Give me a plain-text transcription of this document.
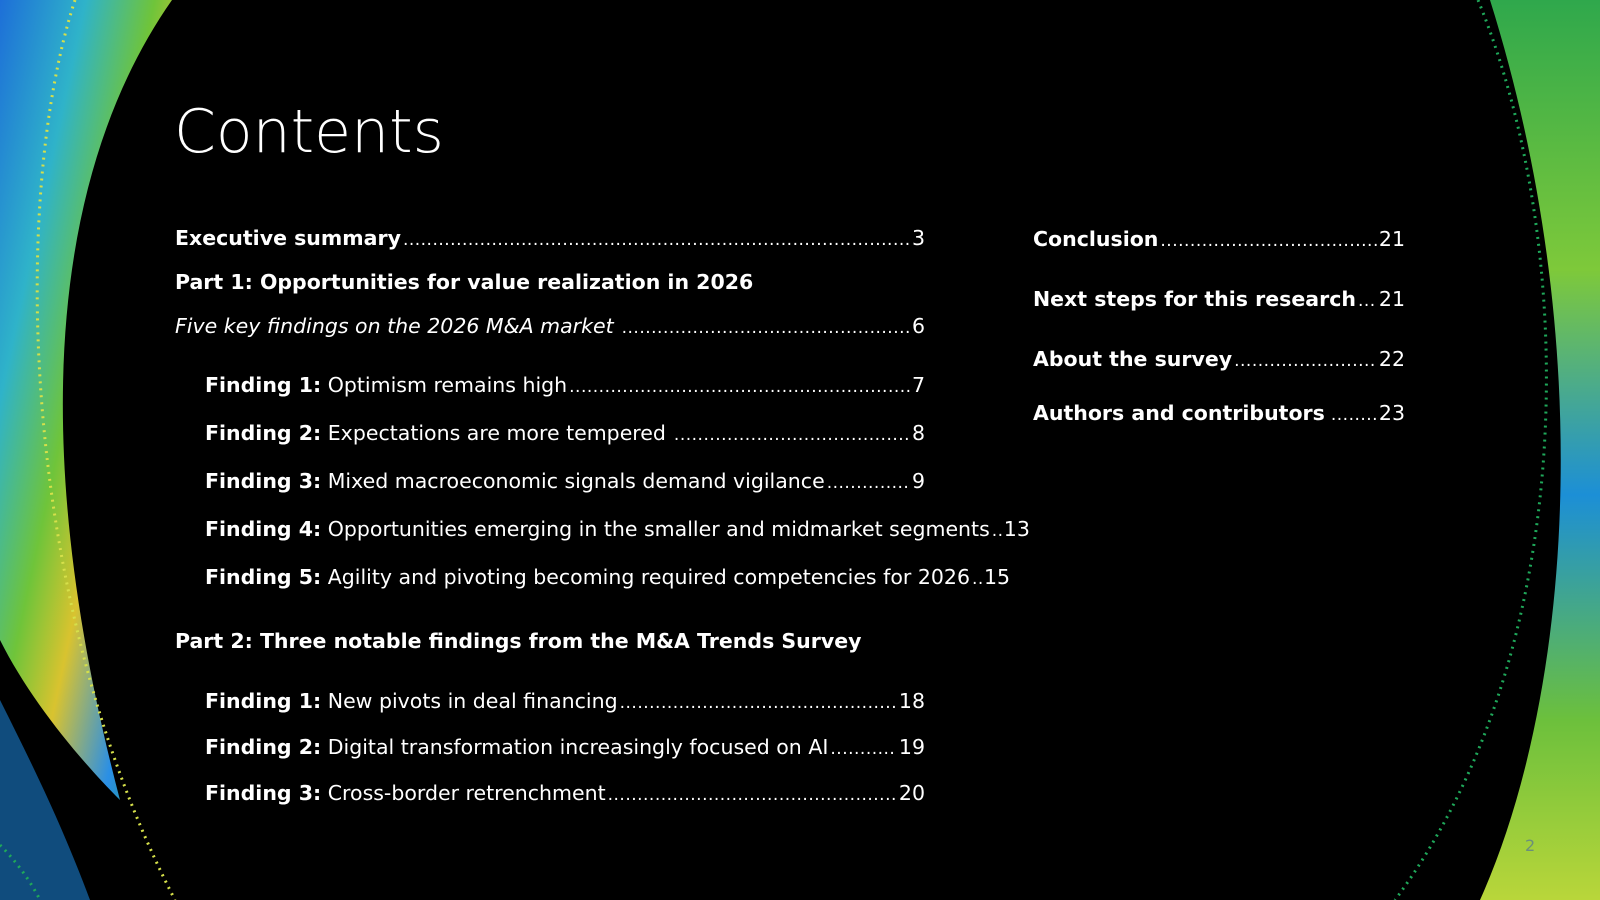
Contents
Executive summary .....	3
Part 1: Opportunities for value realization in 2026
Five key findings on the 2026 M&A market .....	6
Finding 1: Optimism remains high .....	7
Finding 2: Expectations are more tempered .....	8
Finding 3: Mixed macroeconomic signals demand vigilance .....	9
Finding 4: Opportunities emerging in the smaller and midmarket segments ..... 13
Finding 5: Agility and pivoting becoming required competencies for 2026 ..... 15
Part 2: Three notable findings from the M&A Trends Survey
Finding 1: New pivots in deal financing .....	18
Finding 2: Digital transformation increasingly focused on AI .....	19
Finding 3: Cross-border retrenchment .....	20
Conclusion .....	21
Next steps for this research ..... 21
About the survey .....	22
Authors and contributors .....	23
2
